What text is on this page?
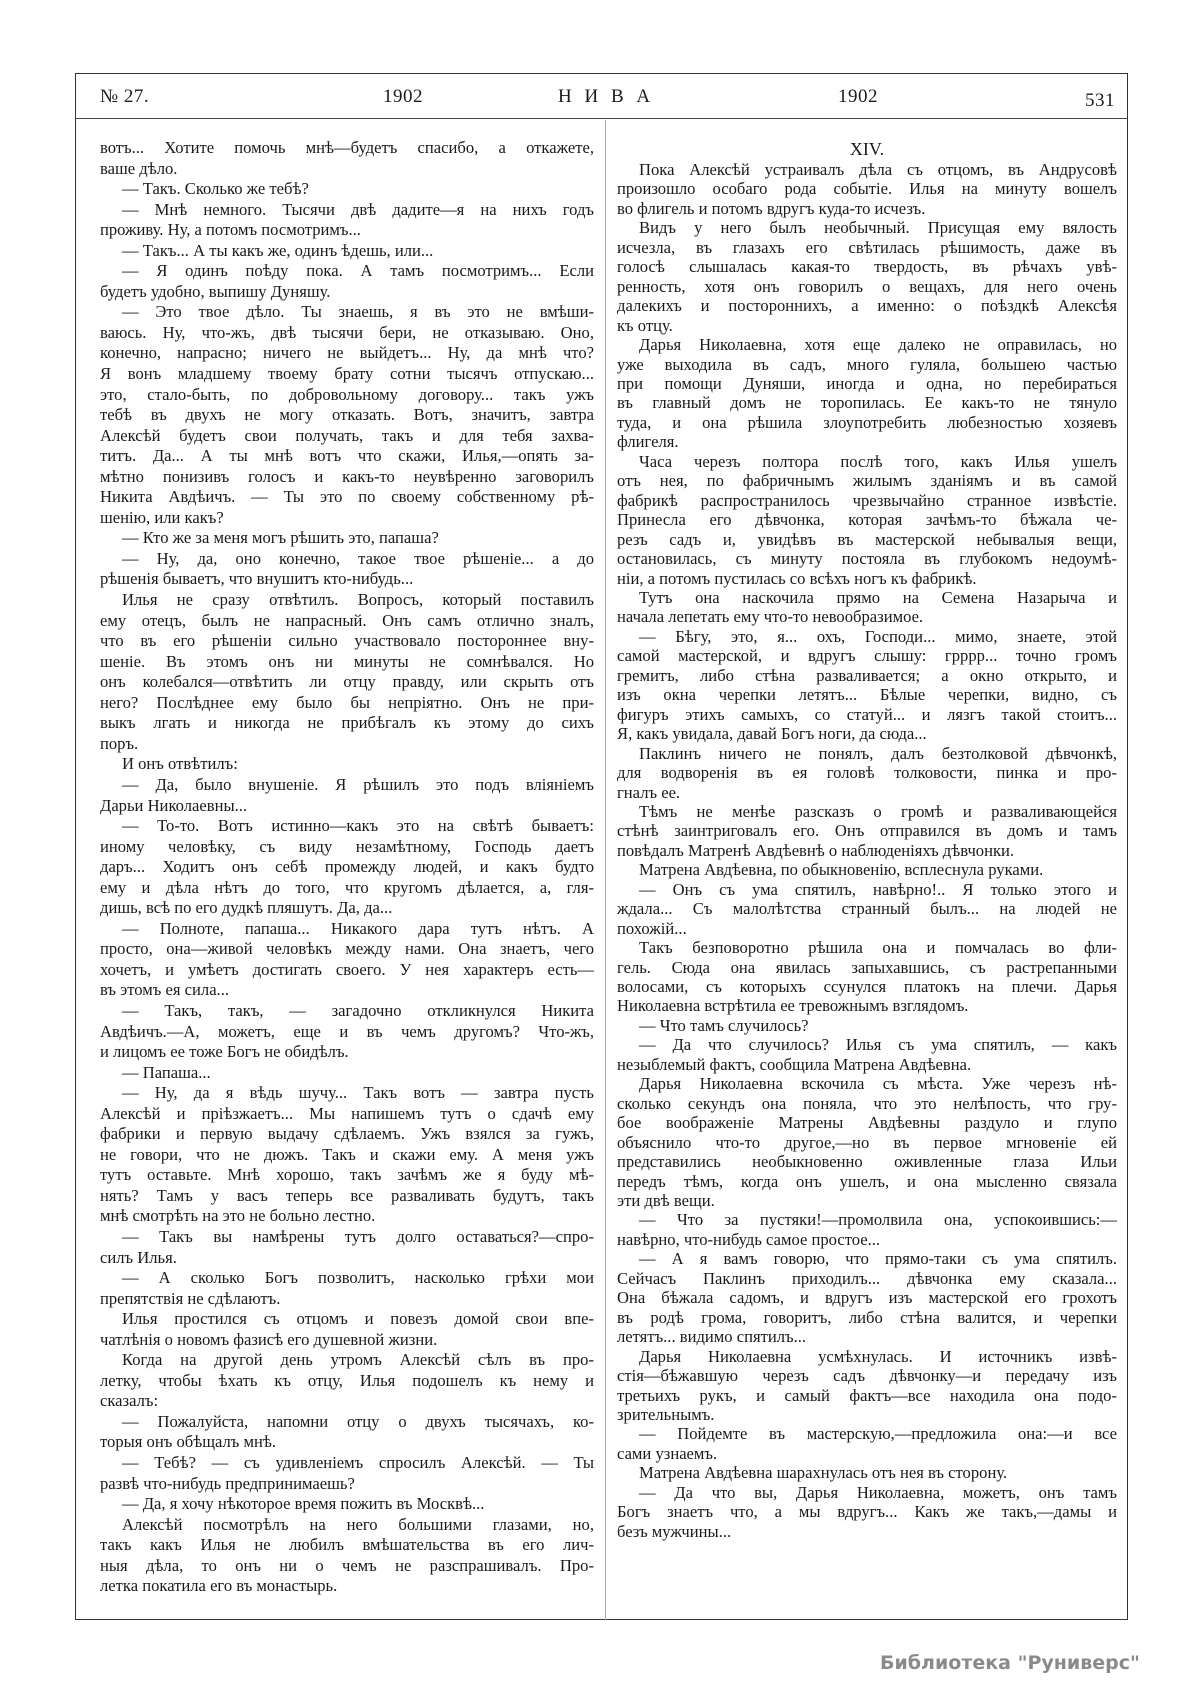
№ 27.	1902	Н И В А	1902	531
вотъ... Хотите помочь мнѣ—будетъ спасибо, а откажете,
ваше дѣло.
— Такъ. Сколько же тебѣ?
— Мнѣ немного. Тысячи двѣ дадите—я на нихъ годъ
проживу. Ну, а потомъ посмотримъ...
— Такъ... А ты какъ же, одинъ ѣдешь, или...
— Я одинъ поѣду пока. А тамъ посмотримъ... Если
будетъ удобно, выпишу Дуняшу.
— Это твое дѣло. Ты знаешь, я въ это не вмѣши-
ваюсь. Ну, что-жъ, двѣ тысячи бери, не отказываю. Оно,
конечно, напрасно; ничего не выйдетъ... Ну, да мнѣ что?
Я вонъ младшему твоему брату сотни тысячъ отпускаю...
это, стало-быть, по добровольному договору... такъ ужъ
тебѣ въ двухъ не могу отказать. Вотъ, значитъ, завтра
Алексѣй будетъ свои получать, такъ и для тебя захва-
титъ. Да... А ты мнѣ вотъ что скажи, Илья,—опять за-
мѣтно понизивъ голосъ и какъ-то неувѣренно заговорилъ
Никита Авдѣичъ. — Ты это по своему собственному рѣ-
шенію, или какъ?
— Кто же за меня могъ рѣшить это, папаша?
— Ну, да, оно конечно, такое твое рѣшеніе... а до
рѣшенія бываетъ, что внушитъ кто-нибудь...
Илья не сразу отвѣтилъ. Вопросъ, который поставилъ
ему отецъ, былъ не напрасный. Онъ самъ отлично зналъ,
что въ его рѣшеніи сильно участвовало постороннее вну-
шеніе. Въ этомъ онъ ни минуты не сомнѣвался. Но
онъ колебался—отвѣтить ли отцу правду, или скрыть отъ
него? Послѣднее ему было бы непріятно. Онъ не при-
выкъ лгать и никогда не прибѣгалъ къ этому до сихъ
поръ.
И онъ отвѣтилъ:
— Да, было внушеніе. Я рѣшилъ это подъ вліяніемъ
Дарьи Николаевны...
— То-то. Вотъ истинно—какъ это на свѣтѣ бываетъ:
иному человѣку, съ виду незамѣтному, Господь даетъ
даръ... Ходитъ онъ себѣ промежду людей, и какъ будто
ему и дѣла нѣтъ до того, что кругомъ дѣлается, а, гля-
дишь, всѣ по его дудкѣ пляшутъ. Да, да...
— Полноте, папаша... Никакого дара тутъ нѣтъ. А
просто, она—живой человѣкъ между нами. Она знаетъ, чего
хочетъ, и умѣетъ достигать своего. У нея характеръ есть—
въ этомъ ея сила...
— Такъ, такъ, — загадочно откликнулся Никита
Авдѣичъ.—А, можетъ, еще и въ чемъ другомъ? Что-жъ,
и лицомъ ее тоже Богъ не обидѣлъ.
— Папаша...
— Ну, да я вѣдь шучу... Такъ вотъ — завтра пусть
Алексѣй и пріѣзжаетъ... Мы напишемъ тутъ о сдачѣ ему
фабрики и первую выдачу сдѣлаемъ. Ужъ взялся за гужъ,
не говори, что не дюжъ. Такъ и скажи ему. А меня ужъ
тутъ оставьте. Мнѣ хорошо, такъ зачѣмъ же я буду мѣ-
нять? Тамъ у васъ теперь все разваливать будутъ, такъ
мнѣ смотрѣть на это не больно лестно.
— Такъ вы намѣрены тутъ долго оставаться?—спро-
силъ Илья.
— А сколько Богъ позволитъ, насколько грѣхи мои
препятствія не сдѣлаютъ.
Илья простился съ отцомъ и повезъ домой свои впе-
чатлѣнія о новомъ фазисѣ его душевной жизни.
Когда на другой день утромъ Алексѣй сѣлъ въ про-
летку, чтобы ѣхать къ отцу, Илья подошелъ къ нему и
сказалъ:
— Пожалуйста, напомни отцу о двухъ тысячахъ, ко-
торыя онъ обѣщалъ мнѣ.
— Тебѣ? — съ удивленіемъ спросилъ Алексѣй. — Ты
развѣ что-нибудь предпринимаешь?
— Да, я хочу нѣкоторое время пожить въ Москвѣ...
Алексѣй посмотрѣлъ на него большими глазами, но,
такъ какъ Илья не любилъ вмѣшательства въ его лич-
ныя дѣла, то онъ ни о чемъ не разспрашивалъ. Про-
летка покатила его въ монастырь.
XIV.
Пока Алексѣй устраивалъ дѣла съ отцомъ, въ Андрусовѣ
произошло особаго рода событіе. Илья на минуту вошелъ
во флигель и потомъ вдругъ куда-то исчезъ.
Видъ у него былъ необычный. Присущая ему вялость
исчезла, въ глазахъ его свѣтилась рѣшимость, даже въ
голосѣ слышалась какая-то твердость, въ рѣчахъ увѣ-
ренность, хотя онъ говорилъ о вещахъ, для него очень
далекихъ и постороннихъ, а именно: о поѣздкѣ Алексѣя
къ отцу.
Дарья Николаевна, хотя еще далеко не оправилась, но
уже выходила въ садъ, много гуляла, большею частью
при помощи Дуняши, иногда и одна, но перебираться
въ главный домъ не торопилась. Ее какъ-то не тянуло
туда, и она рѣшила злоупотребить любезностью хозяевъ
флигеля.
Часа черезъ полтора послѣ того, какъ Илья ушелъ
отъ нея, по фабричнымъ жилымъ зданіямъ и въ самой
фабрикѣ распространилось чрезвычайно странное извѣстіе.
Принесла его дѣвчонка, которая зачѣмъ-то бѣжала че-
резъ садъ и, увидѣвъ въ мастерской небывалыя вещи,
остановилась, съ минуту постояла въ глубокомъ недоумѣ-
ніи, а потомъ пустилась со всѣхъ ногъ къ фабрикѣ.
Тутъ она наскочила прямо на Семена Назарыча и
начала лепетать ему что-то невообразимое.
— Бѣгу, это, я... охъ, Господи... мимо, знаете, этой
самой мастерской, и вдругъ слышу: грррр... точно громъ
гремитъ, либо стѣна разваливается; а окно открыто, и
изъ окна черепки летятъ... Бѣлые черепки, видно, съ
фигуръ этихъ самыхъ, со статуй... и лязгъ такой стоитъ...
Я, какъ увидала, давай Богъ ноги, да сюда...
Паклинъ ничего не понялъ, далъ безтолковой дѣвчонкѣ,
для водворенія въ ея головѣ толковости, пинка и про-
гналъ ее.
Тѣмъ не менѣе разсказъ о громѣ и разваливающейся
стѣнѣ заинтриговалъ его. Онъ отправился въ домъ и тамъ
повѣдалъ Матренѣ Авдѣевнѣ о наблюденіяхъ дѣвчонки.
Матрена Авдѣевна, по обыкновенію, всплеснула руками.
— Онъ съ ума спятилъ, навѣрно!.. Я только этого и
ждала... Съ малолѣтства странный былъ... на людей не
похожій...
Такъ безповоротно рѣшила она и помчалась во фли-
гель. Сюда она явилась запыхавшись, съ растрепанными
волосами, съ которыхъ ссунулся платокъ на плечи. Дарья
Николаевна встрѣтила ее тревожнымъ взглядомъ.
— Что тамъ случилось?
— Да что случилось? Илья съ ума спятилъ, — какъ
незыблемый фактъ, сообщила Матрена Авдѣевна.
Дарья Николаевна вскочила съ мѣста. Уже черезъ нѣ-
сколько секундъ она поняла, что это нелѣпость, что гру-
бое воображеніе Матрены Авдѣевны раздуло и глупо
объяснило что-то другое,—но въ первое мгновеніе ей
представились необыкновенно оживленные глаза Ильи
передъ тѣмъ, когда онъ ушелъ, и она мысленно связала
эти двѣ вещи.
— Что за пустяки!—промолвила она, успокоившись:—
навѣрно, что-нибудь самое простое...
— А я вамъ говорю, что прямо-таки съ ума спятилъ.
Сейчасъ Паклинъ приходилъ... дѣвчонка ему сказала...
Она бѣжала садомъ, и вдругъ изъ мастерской его грохотъ
въ родѣ грома, говоритъ, либо стѣна валится, и черепки
летятъ... видимо спятилъ...
Дарья Николаевна усмѣхнулась. И источникъ извѣ-
стія—бѣжавшую черезъ садъ дѣвчонку—и передачу изъ
третьихъ рукъ, и самый фактъ—все находила она подо-
зрительнымъ.
— Пойдемте въ мастерскую,—предложила она:—и все
сами узнаемъ.
Матрена Авдѣевна шарахнулась отъ нея въ сторону.
— Да что вы, Дарья Николаевна, можетъ, онъ тамъ
Богъ знаетъ что, а мы вдругъ... Какъ же такъ,—дамы и
безъ мужчины...
Библиотека "Руниверс"
